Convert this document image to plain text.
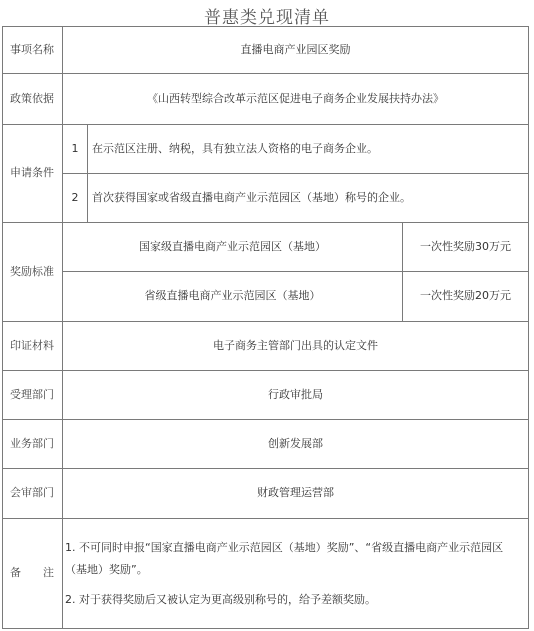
普惠类兑现清单
事项名称	直播电商产业园区奖励
政策依据	《山西转型综合改革示范区促进电子商务企业发展扶持办法》
申请条件
1	在示范区注册、纳税，具有独立法人资格的电子商务企业。
2	首次获得国家或省级直播电商产业示范园区（基地）称号的企业。
奖励标准
国家级直播电商产业示范园区（基地）	一次性奖励30万元
省级直播电商产业示范园区（基地）	一次性奖励20万元
印证材料	电子商务主管部门出具的认定文件
受理部门	行政审批局
业务部门	创新发展部
会审部门	财政管理运营部
备　　注

1. 不可同时申报“国家直播电商产业示范园区（基地）奖励”、“省级直播电商产业示范园区（基地）奖励”。

2. 对于获得奖励后又被认定为更高级别称号的，给予差额奖励。
